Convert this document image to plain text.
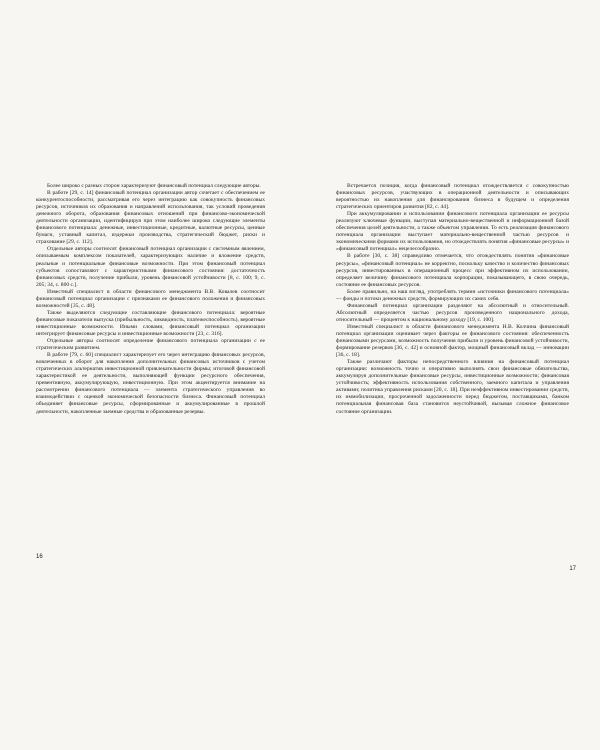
Более широко с разных сторон характеризуют финансовый потенциал следующие авторы.

В работе [29, с. 14] финансовый потенциал организации автор сочетает с обеспечением ее конкурентоспособности, рассматривая его через интеграцию как совокупность финансовых ресурсов, источников их образования и направлений использования, так условий проведения денежного оборота, образования финансовых отношений при финансово-экономической деятельности организации, идентифицируя при этом наиболее широко следующие элементы финансового потенциала: денежные, инвестиционные, кредитные, валютные ресурсы, ценные бумаги, уставный капитал, издержки производства, стратегический бюджет, риски и страхование [29, с. 112].

Отдельные авторы соотносят финансовый потенциал организации с системным явлением, описываемым комплексом показателей, характеризующих наличие и вложение средств, реальные и потенциальные финансовые возможности. При этом финансовый потенциал субъектов сопоставляют с характеристиками финансового состояния: достаточность финансовых средств, получение прибыли, уровень финансовой устойчивости [8, с. 100; 9, с. 205; 34, с. 800 с.].

Известный специалист в области финансового менеджмента В.В. Ковалев соотносит финансовый потенциал организации с признаками ее финансового положения и финансовых возможностей [35, с. 48].

Также выделяются следующие составляющие финансового потенциала: вероятные финансовые показатели выпуска (прибыльность, ликвидность, платежеспособность), вероятные инвестиционные возможности. Иными словами, финансовый потенциал организации интегрирует финансовые ресурсы и инвестиционные возможности [23, с. 316].

Отдельные авторы соотносят определение финансового потенциала организации с ее стратегическим развитием.

В работе [79, с. 60] специалист характеризует его через интеграцию финансовых ресурсов, вовлеченных в оборот для накопления дополнительных финансовых источников с учетом стратегических альтернатив инвестиционной привлекательности фирмы; итоговой финансовой характеристикой ее деятельности, выполняющей функции ресурсного обеспечения, превентивную, аккумулирующую, инвестиционную. При этом акцентируется внимание на рассмотрении финансового потенциала — элемента стратегического управления во взаимодействии с оценкой экономической безопасности бизнеса. Финансовый потенциал объединяет финансовые ресурсы, сформированные и аккумулированные в прошлой деятельности, накопленные заемные средства и образованные резервы.

16

Встречается позиция, когда финансовый потенциал отождествляется с совокупностью финансовых ресурсов, участвующих в операционной деятельности и описывающих вероятностью их накопления для финансирования бизнеса в будущем и определения стратегических ориентиров развития [82, с. 44].

При аккумулировании и использовании финансового потенциала организации ее ресурсы реализуют ключевые функции, выступая материально-вещественной и информационной базой обеспечения целей деятельности, а также объектом управления. То есть реализация финансового потенциала организации выступает материально-вещественной частью ресурсов и экономическими формами их использования, но отождествлять понятия «финансовые ресурсы» и «финансовый потенциал» нецелесообразно.

В работе [30, с. 38] справедливо отмечается, что отождествлять понятия «финансовые ресурсы», «финансовый потенциал» не корректно, поскольку качество и количество финансовых ресурсов, инвестированных в операционный процесс при эффективном их использовании, определяет величину финансового потенциала корпорации, показывающего, в свою очередь, состояние ее финансовых ресурсов.

Более правильно, на наш взгляд, употреблять термин «источники финансового потенциала» — фонды и потоки денежных средств, формирующих их самих себя.

Финансовый потенциал организации разделяют на абсолютный и относительный. Абсолютный определяется частью ресурсов произведенного национального дохода, относительный — процентом к национальному доходу [19, с. 100].

Известный специалист в области финансового менеджмента Н.В. Колчина финансовый потенциал организации оценивает через факторы ее финансового состояния: обеспеченность финансовыми ресурсами, возможность получения прибыли и уровень финансовой устойчивости, формирование резервов [36, с. 42] и основной фактор, мощный финансовый вклад — инновации [36, с. 18].

Также различают факторы непосредственного влияния на финансовый потенциал организации: возможность точно и оперативно выполнять свои финансовые обязательства, аккумулируя дополнительные финансовые ресурсы, инвестиционные возможности; финансовая устойчивость; эффективность использования собственного, заемного капитала и управления активами; политика управления рисками [20, с. 18]. При неэффективном инвестировании средств, их иммобилизации, просроченной задолженности перед бюджетом, поставщиками, банком потенциальная финансовая база становится неустойчивой, вызывая сложное финансовое состояние организации.

17
